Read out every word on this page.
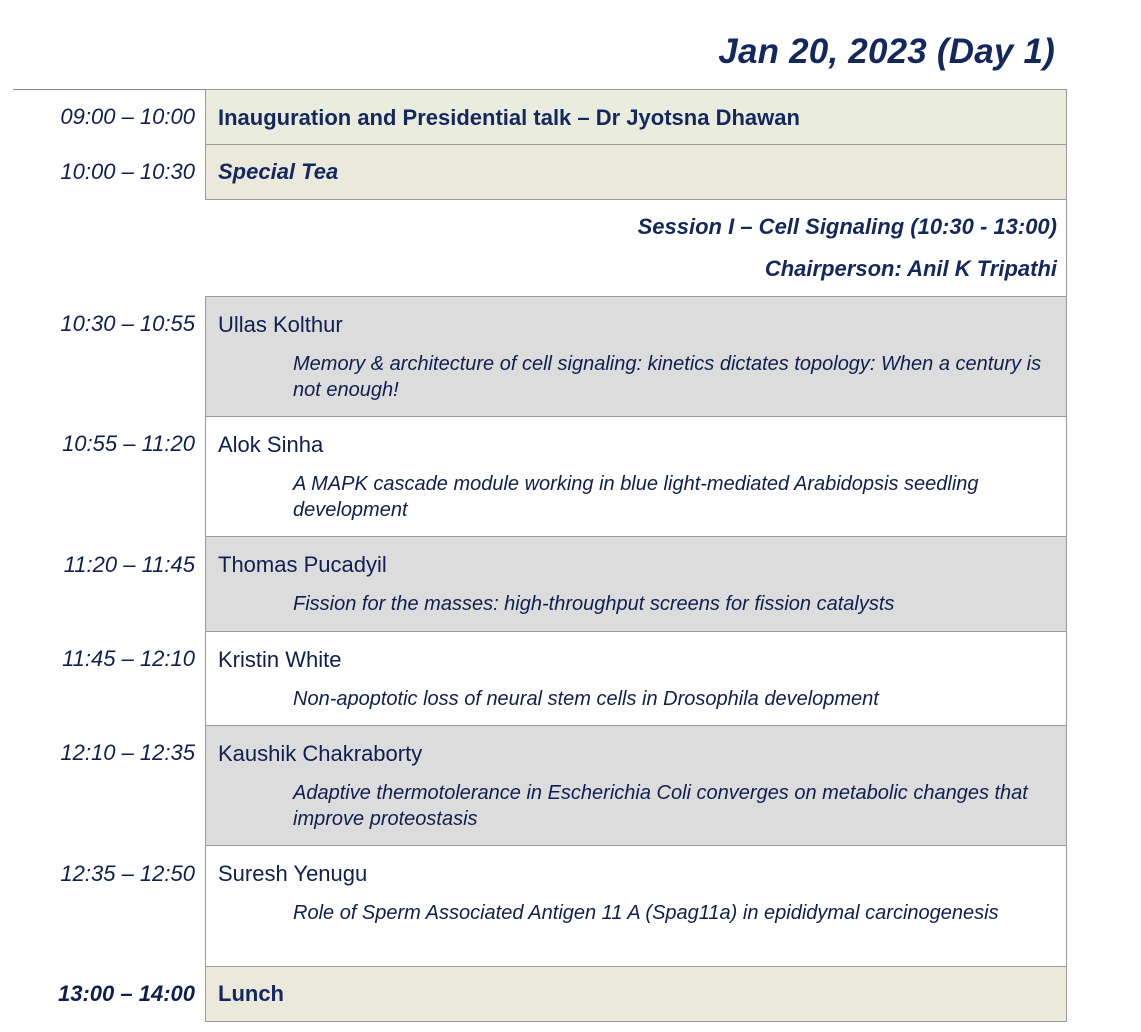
Jan 20, 2023 (Day 1)
09:00 – 10:00 Inauguration and Presidential talk – Dr Jyotsna Dhawan
10:00 – 10:30 Special Tea
Session I – Cell Signaling (10:30 - 13:00)
Chairperson: Anil K Tripathi
10:30 – 10:55 Ullas Kolthur
Memory & architecture of cell signaling: kinetics dictates topology: When a century is not enough!
10:55 – 11:20 Alok Sinha
A MAPK cascade module working in blue light-mediated Arabidopsis seedling development
11:20 – 11:45 Thomas Pucadyil
Fission for the masses: high-throughput screens for fission catalysts
11:45 – 12:10 Kristin White
Non-apoptotic loss of neural stem cells in Drosophila development
12:10 – 12:35 Kaushik Chakraborty
Adaptive thermotolerance in Escherichia Coli converges on metabolic changes that improve proteostasis
12:35 – 12:50 Suresh Yenugu
Role of Sperm Associated Antigen 11 A (Spag11a) in epididymal carcinogenesis
13:00 – 14:00 Lunch
